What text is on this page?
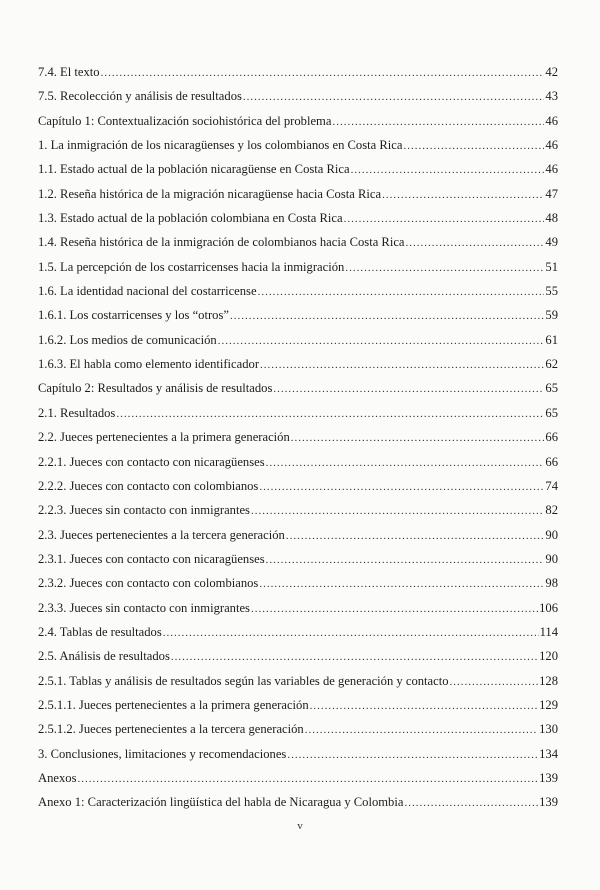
7.4. El texto .....	42
7.5. Recolección y análisis de resultados .....	43
Capítulo 1: Contextualización sociohistórica del problema .....	46
1. La inmigración de los nicaragüenses y los colombianos en Costa Rica .....	46
1.1. Estado actual de la población nicaragüense en Costa Rica .....	46
1.2. Reseña histórica de la migración nicaragüense hacia Costa Rica .....	47
1.3. Estado actual de la población colombiana en Costa Rica .....	48
1.4. Reseña histórica de la inmigración de colombianos hacia Costa Rica .....	49
1.5. La percepción de los costarricenses hacia la inmigración .....	51
1.6. La identidad nacional del costarricense .....	55
1.6.1. Los costarricenses y los “otros” .....	59
1.6.2. Los medios de comunicación .....	61
1.6.3. El habla como elemento identificador .....	62
Capítulo 2: Resultados y análisis de resultados .....	65
2.1. Resultados .....	65
2.2. Jueces pertenecientes a la primera generación .....	66
2.2.1. Jueces con contacto con nicaragüenses .....	66
2.2.2. Jueces con contacto con colombianos .....	74
2.2.3. Jueces sin contacto con inmigrantes .....	82
2.3. Jueces pertenecientes a la tercera generación .....	90
2.3.1. Jueces con contacto con nicaragüenses .....	90
2.3.2. Jueces con contacto con colombianos .....	98
2.3.3. Jueces sin contacto con inmigrantes .....	106
2.4. Tablas de resultados .....	114
2.5. Análisis de resultados .....	120
2.5.1. Tablas y análisis de resultados según las variables de generación y contacto .....	128
2.5.1.1. Jueces pertenecientes a la primera generación .....	129
2.5.1.2. Jueces pertenecientes a la tercera generación .....	130
3. Conclusiones, limitaciones y recomendaciones .....	134
Anexos .....	139
Anexo 1: Caracterización lingüística del habla de Nicaragua y Colombia .....	139
v
